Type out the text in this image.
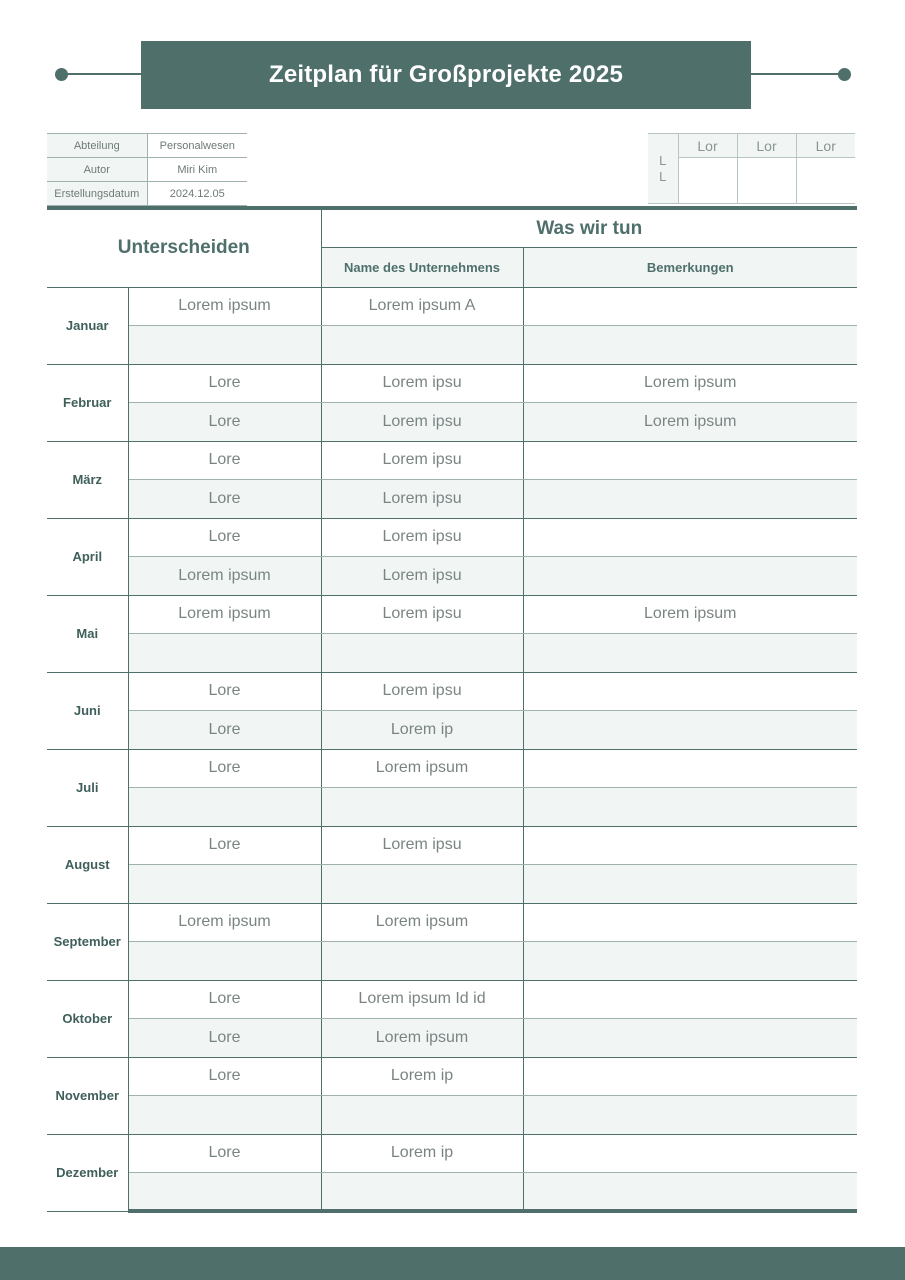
Zeitplan für Großprojekte 2025
Abteilung	Personalwesen
Autor	Miri Kim
Erstellungsdatum	2024.12.05
L
L	Lor	Lor	Lor

Unterscheiden		Was wir tun	
		Name des Unternehmens	Bemerkungen
Januar	Lorem ipsum	Lorem ipsum A	

Februar	Lore	Lorem ipsu	Lorem ipsum
	Lore	Lorem ipsu	Lorem ipsum
März	Lore	Lorem ipsu	
	Lore	Lorem ipsu	
April	Lore	Lorem ipsu	
	Lorem ipsum	Lorem ipsu	
Mai	Lorem ipsum	Lorem ipsu	Lorem ipsum

Juni	Lore	Lorem ipsu	
	Lore	Lorem ip	
Juli	Lore	Lorem ipsum	

August	Lore	Lorem ipsu	

September	Lorem ipsum	Lorem ipsum	

Oktober	Lore	Lorem ipsum Id id	
	Lore	Lorem ipsum	
November	Lore	Lorem ip	

Dezember	Lore	Lorem ip	
